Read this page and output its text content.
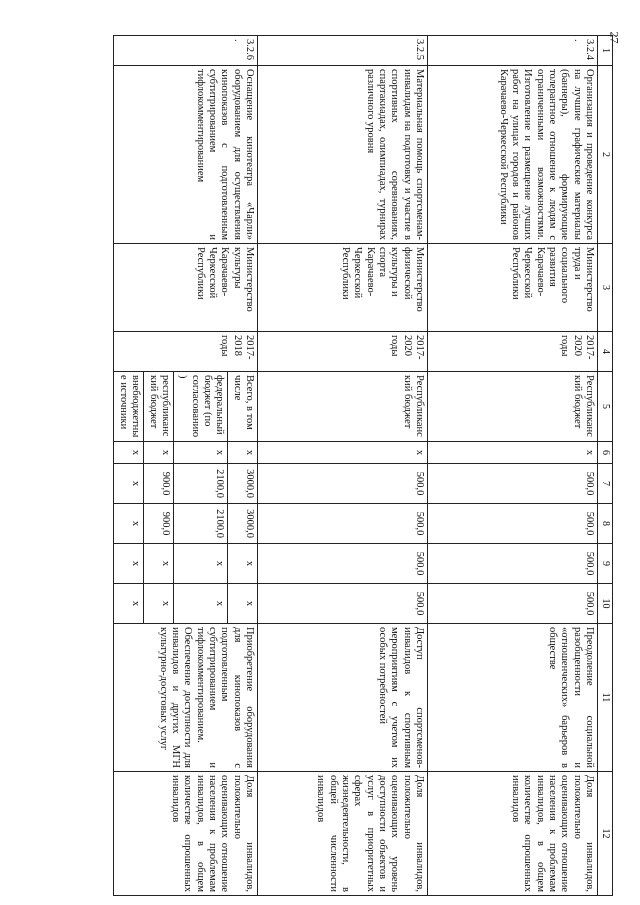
27
1	2	3	4	5	6	7	8	9	10	11	12
3.2.4.	Организация и проведение конкурса на лучшие графические материалы (баннеры), формирующие толерантное отношение к людям с ограниченными возможностями. Изготовление и размещение лучших работ на улицах городов и районов Карачаево-Черкесской Республики	Министерство труда и социального развития Карачаево-Черкесской Республики	2017-2020 годы	Республиканский бюджет	x	500,0	500,0	500,0	500,0	Преодоление социальной разобщенности и «отношенческих» барьеров в обществе	Доля инвалидов, положительно оценивающих отношение населения к проблемам инвалидов, в общем количестве опрошенных инвалидов
3.2.5	Материальная помощь спортсменам-инвалидам на подготовку и участие в спортивных соревнованиях, спартакиадах, олимпиадах, турнирах различного уровня	Министерство физической культуры и спорта Карачаево-Черкесской Республики	2017-2020 годы	Республиканский бюджет	x	500,0	500,0	500,0	500,0	Доступ спортсменов-инвалидов к спортивным мероприятиям с учетом их особых потребностей	Доля инвалидов, положительно оценивающих уровень доступности объектов и услуг в приоритетных сферах жизнедеятельности, в общей численности инвалидов
3.2.6.	Оснащение кинотеатра «Чарли» оборудованием для осуществления кинопоказов с подготовленным субтитрированием и тифлокомментированием	Министерство культуры Карачаево-Черкесской Республики	2017-2018 годы	Всего, в том числе	x	3000,0	3000,0	x	x	Приобретение оборудования для кинопоказов с подготовленным субтитрированием и тифлокомментированием. Обеспечение доступности для инвалидов и других МГН культурно-досуговых услуг	Доля инвалидов, положительно оценивающих отношение населения к проблемам инвалидов, в общем количестве опрошенных инвалидов
				федеральный бюджет (по согласованию)	x	2100,0	2100,0	x	x		
				республиканский бюджет	x	900,0	900,0	x	x		
				внебюджетные источники	x	x	x	x	x		
